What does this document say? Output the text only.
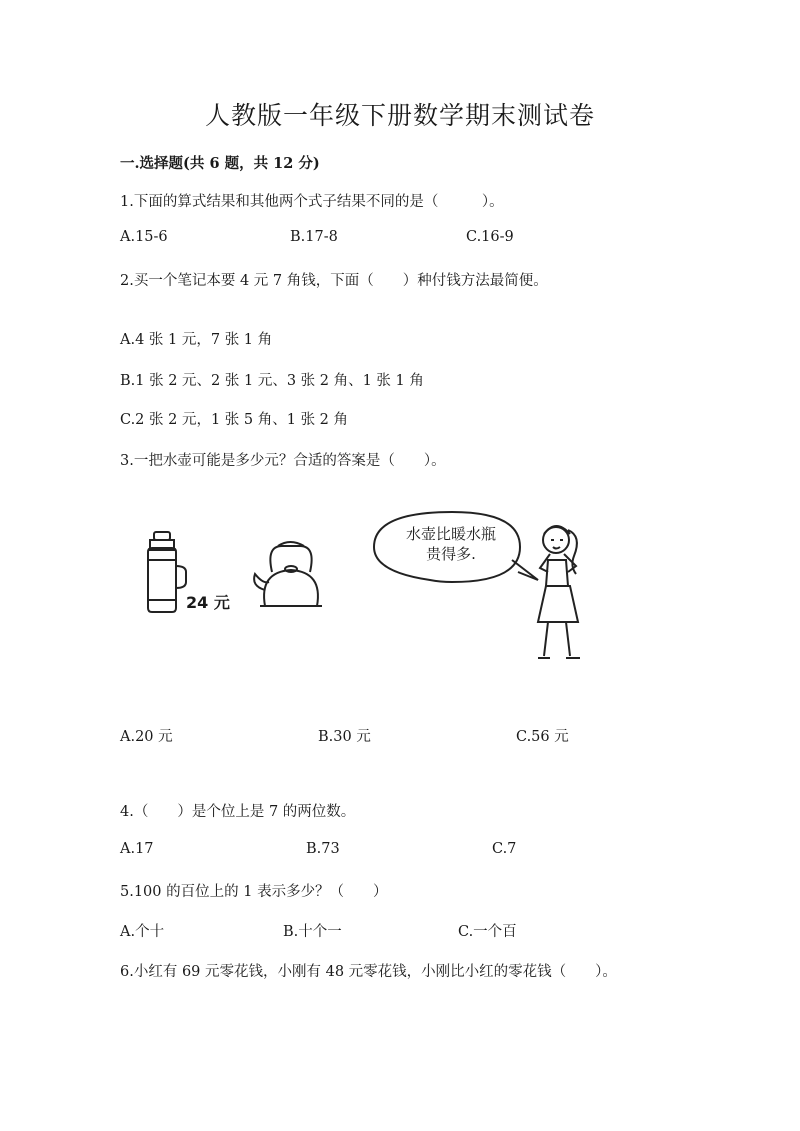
人教版一年级下册数学期末测试卷
一.选择题(共 6 题，共 12 分)
1.下面的算式结果和其他两个式子结果不同的是（　　　）。
A.15-6	B.17-8	C.16-9
2.买一个笔记本要 4 元 7 角钱，下面（　　）种付钱方法最简便。
A.4 张 1 元，7 张 1 角
B.1 张 2 元、2 张 1 元、3 张 2 角、1 张 1 角
C.2 张 2 元，1 张 5 角、1 张 2 角
3.一把水壶可能是多少元？合适的答案是（　　）。
24 元
水壶比暖水瓶
贵得多.
A.20 元	B.30 元	C.56 元
4.（　　）是个位上是 7 的两位数。
A.17	B.73	C.7
5.100 的百位上的 1 表示多少？（　　）
A.个十	B.十个一	C.一个百
6.小红有 69 元零花钱，小刚有 48 元零花钱，小刚比小红的零花钱（　　）。
